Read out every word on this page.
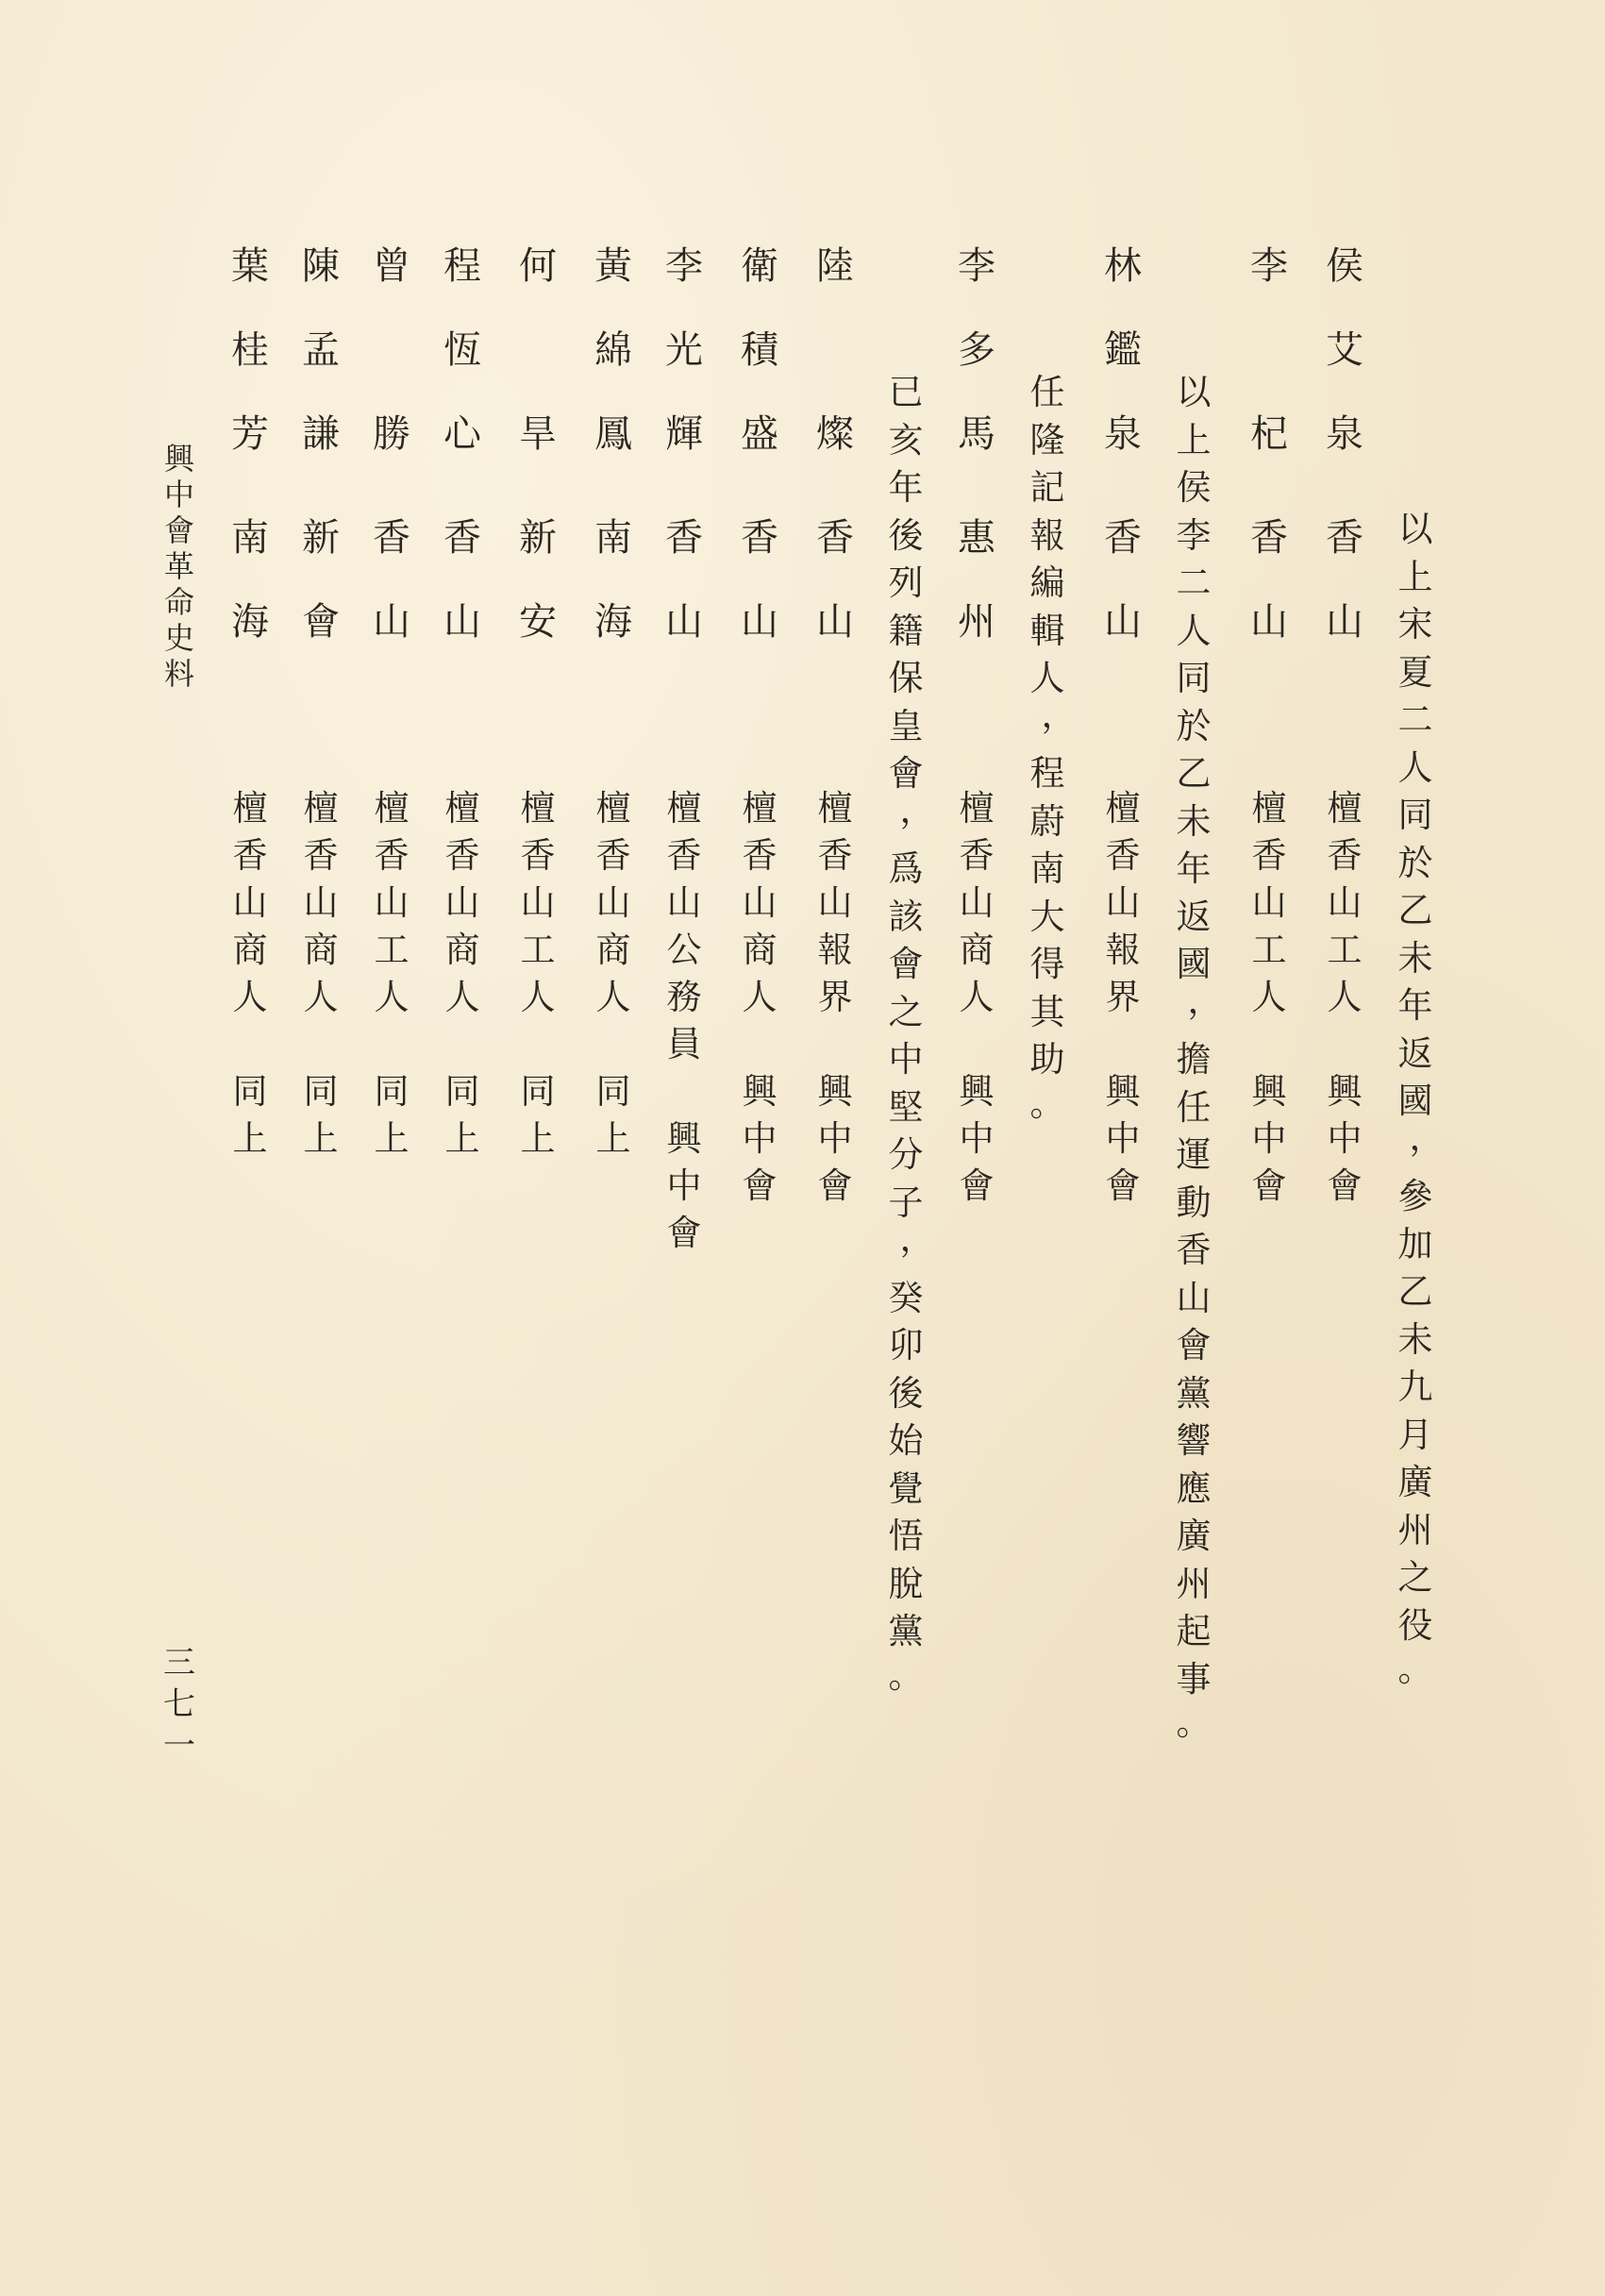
侯
艾
泉
香
山
檀
香
山
工
人

興
中
會
李

杞
香
山
檀
香
山
工
人

興
中
會
林
鑑
泉
香
山
檀
香
山
報
界

興
中
會
李
多
馬
惠
州
檀
香
山
商
人

興
中
會
陸

燦
香
山
檀
香
山
報
界

興
中
會
衛
積
盛
香
山
檀
香
山
商
人

興
中
會
李
光
輝
香
山
檀
香
山
公
務
員

興
中
會
黃
綿
鳳
南
海
檀
香
山
商
人

同
上
何

旱
新
安
檀
香
山
工
人

同
上
程
恆
心
香
山
檀
香
山
商
人

同
上
曾

勝
香
山
檀
香
山
工
人

同
上
陳
孟
謙
新
會
檀
香
山
商
人

同
上
葉
桂
芳
南
海
檀
香
山
商
人

同
上
以
上
宋
夏
二
人
同
於
乙
未
年
返
國
，
參
加
乙
未
九
月
廣
州
之
役
。
以
上
侯
李
二
人
同
於
乙
未
年
返
國
，
擔
任
運
動
香
山
會
黨
響
應
廣
州
起
事
。
任
隆
記
報
編
輯
人
，
程
蔚
南
大
得
其
助
。
已
亥
年
後
列
籍
保
皇
會
，
爲
該
會
之
中
堅
分
子
，
癸
卯
後
始
覺
悟
脫
黨
。
興
中
會
革
命
史
料
三
七
一
